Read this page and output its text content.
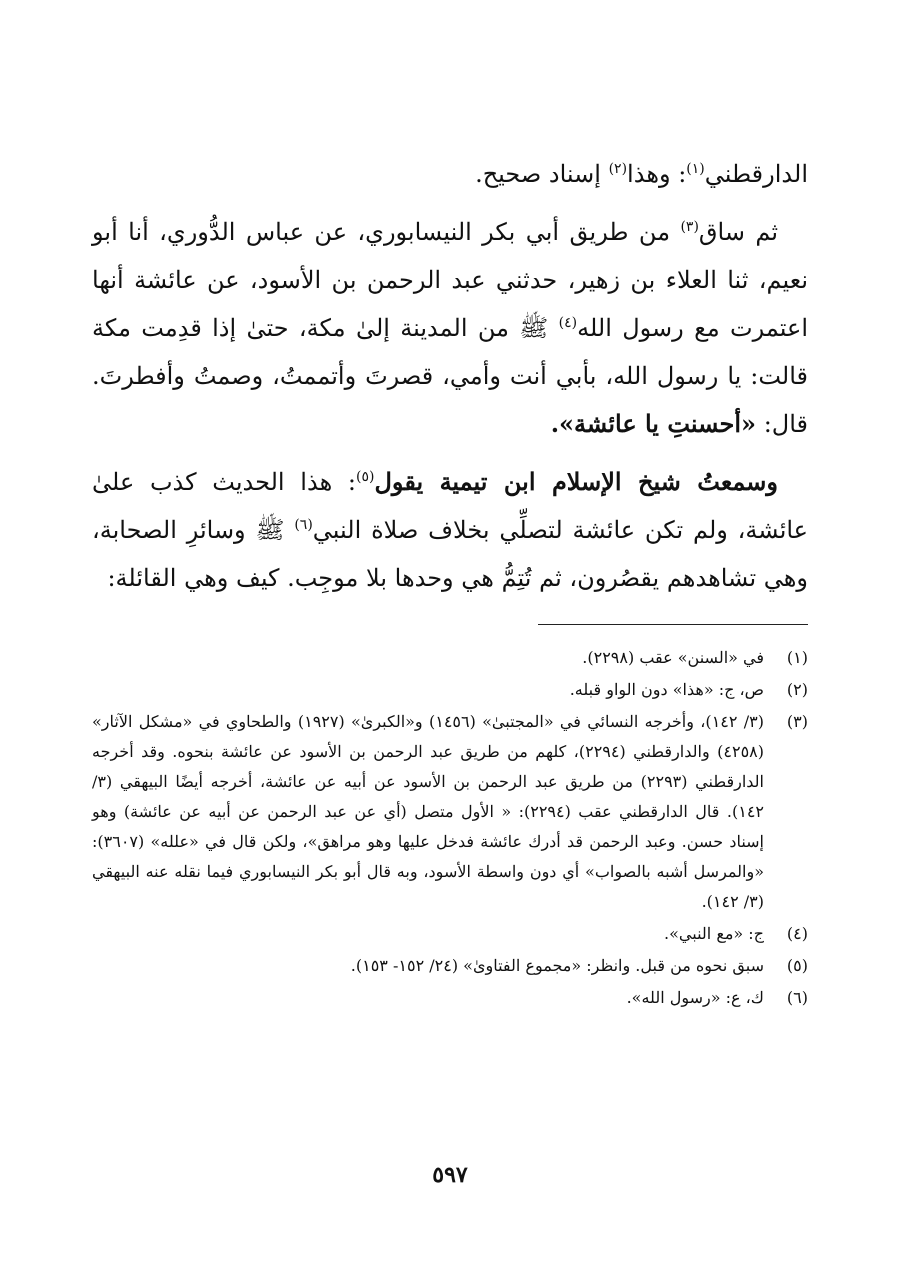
الدارقطني$^{(١)}$: وهذا$^{(٢)}$ إسناد صحيح.

ثم ساق$^{(٣)}$ من طريق أبي بكر النيسابوري، عن عباس الدُّوري، أنا أبو نعيم، ثنا العلاء بن زهير، حدثني عبد الرحمن بن الأسود، عن عائشة أنها اعتمرت مع رسول الله$^{(٤)}$ ﷺ من المدينة إلىٰ مكة، حتىٰ إذا قدِمت مكة قالت: يا رسول الله، بأبي أنت وأمي، قصرتَ وأتممتُ، وصمتُ وأفطرتَ. قال: «أحسنتِ يا عائشة».

وسمعتُ شيخ الإسلام ابن تيمية يقول$^{(٥)}$: هذا الحديث كذب علىٰ عائشة، ولم تكن عائشة لتصلِّي بخلاف صلاة النبي$^{(٦)}$ ﷺ وسائرِ الصحابة، وهي تشاهدهم يقصُرون، ثم تُتِمُّ هي وحدها بلا موجِب. كيف وهي القائلة:

(١)
في «السنن» عقب (٢٢٩٨).
(٢)
ص، ج: «هذا» دون الواو قبله.
(٣)
(٣/ ١٤٢)، وأخرجه النسائي في «المجتبىٰ» (١٤٥٦) و«الكبرىٰ» (١٩٢٧) والطحاوي في «مشكل الآثار» (٤٢٥٨) والدارقطني (٢٢٩٤)، كلهم من طريق عبد الرحمن بن الأسود عن عائشة بنحوه. وقد أخرجه الدارقطني (٢٢٩٣) من طريق عبد الرحمن بن الأسود عن أبيه عن عائشة، أخرجه أيضًا البيهقي (٣/ ١٤٢). قال الدارقطني عقب (٢٢٩٤): « الأول متصل (أي عن عبد الرحمن عن أبيه عن عائشة) وهو إسناد حسن. وعبد الرحمن قد أدرك عائشة فدخل عليها وهو مراهق»، ولكن قال في «علله» (٣٦٠٧): «والمرسل أشبه بالصواب» أي دون واسطة الأسود، وبه قال أبو بكر النيسابوري فيما نقله عنه البيهقي (٣/ ١٤٢).
(٤)
ج: «مع النبي».
(٥)
سبق نحوه من قبل. وانظر: «مجموع الفتاوىٰ» (٢٤/ ١٥٢- ١٥٣).
(٦)
ك، ع: «رسول الله».
٥٩٧
